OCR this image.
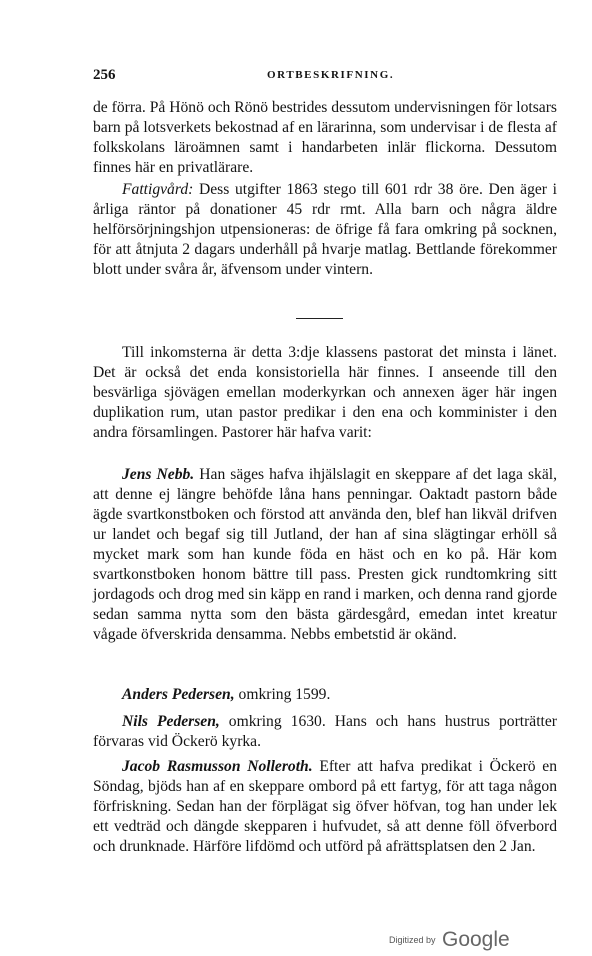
256	ORTBESKRIFNING.

de förra. På Hönö och Rönö bestrides dessutom undervisningen för lotsars barn på lotsverkets bekostnad af en lärarinna, som undervisar i de flesta af folkskolans läroämnen samt i handarbeten inlär flickorna. Dessutom finnes här en privatlärare.

Fattigvård: Dess utgifter 1863 stego till 601 rdr 38 öre. Den äger i årliga räntor på donationer 45 rdr rmt. Alla barn och några äldre helförsörjningshjon utpensioneras: de öfrige få fara omkring på socknen, för att åtnjuta 2 dagars underhåll på hvarje matlag. Bettlande förekommer blott under svåra år, äfvensom under vintern.

Till inkomsterna är detta 3:dje klassens pastorat det minsta i länet. Det är också det enda konsistoriella här finnes. I anseende till den besvärliga sjövägen emellan moderkyrkan och annexen äger här ingen duplikation rum, utan pastor predikar i den ena och komminister i den andra församlingen. Pastorer här hafva varit:

Jens Nebb. Han säges hafva ihjälslagit en skeppare af det laga skäl, att denne ej längre behöfde låna hans penningar. Oaktadt pastorn både ägde svartkonstboken och förstod att använda den, blef han likväl drifven ur landet och begaf sig till Jutland, der han af sina slägtingar erhöll så mycket mark som han kunde föda en häst och en ko på. Här kom svartkonstboken honom bättre till pass. Presten gick rundtomkring sitt jordagods och drog med sin käpp en rand i marken, och denna rand gjorde sedan samma nytta som den bästa gärdesgård, emedan intet kreatur vågade öfverskrida densamma. Nebbs embetstid är okänd.

Anders Pedersen, omkring 1599.

Nils Pedersen, omkring 1630. Hans och hans hustrus porträtter förvaras vid Öckerö kyrka.

Jacob Rasmusson Nolleroth. Efter att hafva predikat i Öckerö en Söndag, bjöds han af en skeppare ombord på ett fartyg, för att taga någon förfriskning. Sedan han der förplägat sig öfver höfvan, tog han under lek ett vedträd och dängde skepparen i hufvudet, så att denne föll öfverbord och drunknade. Härföre lifdömd och utförd på afrättsplatsen den 2 Jan.

Digitized by Google
